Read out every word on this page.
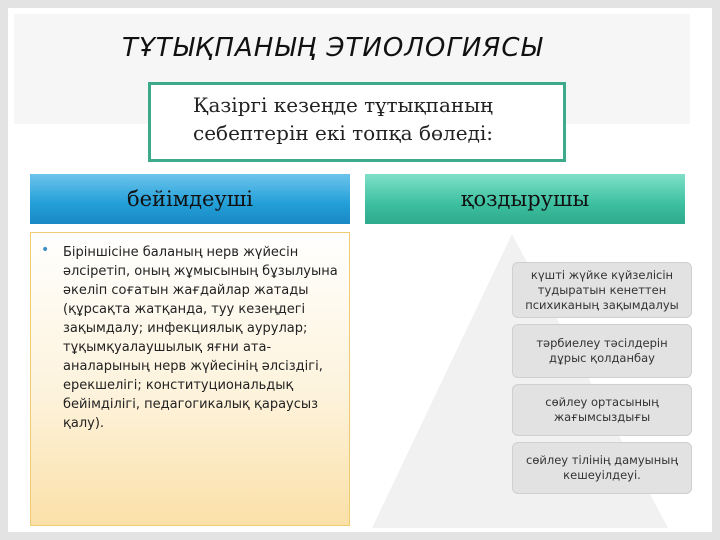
ТҰТЫҚПАНЫҢ ЭТИОЛОГИЯСЫ
Қазіргі кезеңде тұтықпаның себептерін екі топқа бөледі:
бейімдеуші	қоздырушы
• Біріншісіне баланың нерв жүйесін әлсіретіп, оның жұмысының бұзылуына әкеліп соғатын жағдайлар жатады (құрсақта жатқанда, туу кезеңдегі зақымдалу; инфекциялық аурулар; тұқымқуалаушылық яғни ата-аналарының нерв жүйесінің әлсіздігі, ерекшелігі; конституциональдық бейімділігі, педагогикалық қараусыз қалу).
күшті жүйке күйзелісін тудыратын кенеттен психиканың зақымдалуы
тәрбиелеу тәсілдерін дұрыс қолданбау
сөйлеу ортасының жағымсыздығы
сөйлеу тілінің дамуының кешеуілдеуі.
